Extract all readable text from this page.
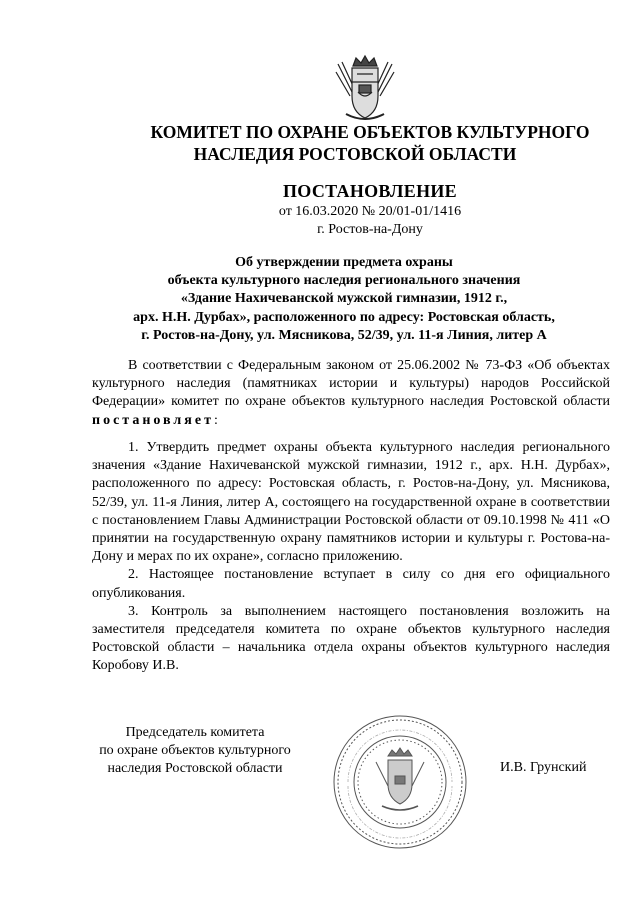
КОМИТЕТ ПО ОХРАНЕ ОБЪЕКТОВ КУЛЬТУРНОГО
НАСЛЕДИЯ РОСТОВСКОЙ ОБЛАСТИ
ПОСТАНОВЛЕНИЕ
от 16.03.2020 № 20/01-01/1416
г. Ростов-на-Дону
Об утверждении предмета охраны
объекта культурного наследия регионального значения
«Здание Нахичеванской мужской гимназии, 1912 г.,
арх. Н.Н. Дурбах», расположенного по адресу: Ростовская область,
г. Ростов-на-Дону, ул. Мясникова, 52/39, ул. 11-я Линия, литер А

В соответствии с Федеральным законом от 25.06.2002 № 73-ФЗ «Об объектах культурного наследия (памятниках истории и культуры) народов Российской Федерации» комитет по охране объектов культурного наследия Ростовской области постановляет:

1. Утвердить предмет охраны объекта культурного наследия регионального значения «Здание Нахичеванской мужской гимназии, 1912 г., арх. Н.Н. Дурбах», расположенного по адресу: Ростовская область, г. Ростов-на-Дону, ул. Мясникова, 52/39, ул. 11-я Линия, литер А, состоящего на государственной охране в соответствии с постановлением Главы Администрации Ростовской области от 09.10.1998 № 411 «О принятии на государственную охрану памятников истории и культуры г. Ростова-на-Дону и мерах по их охране», согласно приложению.

2. Настоящее постановление вступает в силу со дня его официального опубликования.

3. Контроль за выполнением настоящего постановления возложить на заместителя председателя комитета по охране объектов культурного наследия Ростовской области – начальника отдела охраны объектов культурного наследия Коробову И.В.

Председатель комитета
по охране объектов культурного
наследия Ростовской области	И.В. Грунский
